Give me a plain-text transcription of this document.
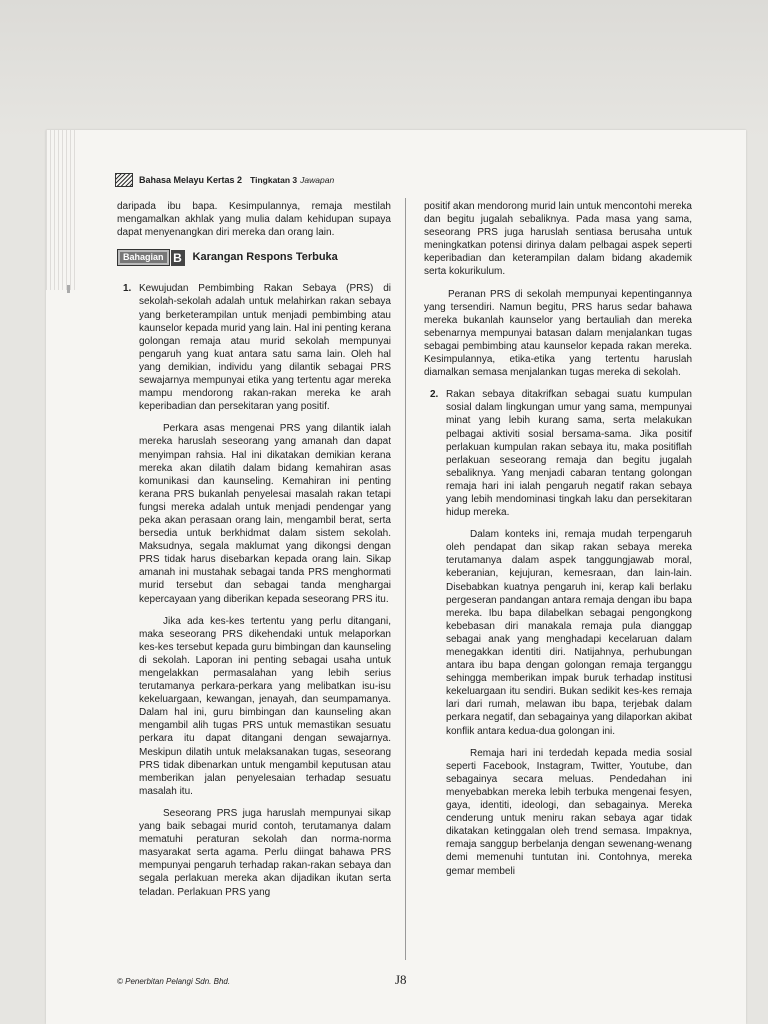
Bahasa Melayu Kertas 2 Tingkatan 3 Jawapan

daripada ibu bapa. Kesimpulannya, remaja mestilah mengamalkan akhlak yang mulia dalam kehidupan supaya dapat menyenangkan diri mereka dan orang lain.

Bahagian B Karangan Respons Terbuka
1. Kewujudan Pembimbing Rakan Sebaya (PRS) di sekolah-sekolah adalah untuk melahirkan rakan sebaya yang berketerampilan untuk menjadi pembimbing atau kaunselor kepada murid yang lain. Hal ini penting kerana golongan remaja atau murid sekolah mempunyai pengaruh yang kuat antara satu sama lain. Oleh hal yang demikian, individu yang dilantik sebagai PRS sewajarnya mempunyai etika yang tertentu agar mereka mampu mendorong rakan-rakan mereka ke arah keperibadian dan persekitaran yang positif.

Perkara asas mengenai PRS yang dilantik ialah mereka haruslah seseorang yang amanah dan dapat menyimpan rahsia. Hal ini dikatakan demikian kerana mereka akan dilatih dalam bidang kemahiran asas komunikasi dan kaunseling. Kemahiran ini penting kerana PRS bukanlah penyelesai masalah rakan tetapi fungsi mereka adalah untuk menjadi pendengar yang peka akan perasaan orang lain, mengambil berat, serta bersedia untuk berkhidmat dalam sistem sekolah. Maksudnya, segala maklumat yang dikongsi dengan PRS tidak harus disebarkan kepada orang lain. Sikap amanah ini mustahak sebagai tanda PRS menghormati murid tersebut dan sebagai tanda menghargai kepercayaan yang diberikan kepada seseorang PRS itu.

Jika ada kes-kes tertentu yang perlu ditangani, maka seseorang PRS dikehendaki untuk melaporkan kes-kes tersebut kepada guru bimbingan dan kaunseling di sekolah. Laporan ini penting sebagai usaha untuk mengelakkan permasalahan yang lebih serius terutamanya perkara-perkara yang melibatkan isu-isu kekeluargaan, kewangan, jenayah, dan seumpamanya. Dalam hal ini, guru bimbingan dan kaunseling akan mengambil alih tugas PRS untuk memastikan sesuatu perkara itu dapat ditangani dengan sewajarnya. Meskipun dilatih untuk melaksanakan tugas, seseorang PRS tidak dibenarkan untuk mengambil keputusan atau memberikan jalan penyelesaian terhadap sesuatu masalah itu.

Seseorang PRS juga haruslah mempunyai sikap yang baik sebagai murid contoh, terutamanya dalam mematuhi peraturan sekolah dan norma-norma masyarakat serta agama. Perlu diingat bahawa PRS mempunyai pengaruh terhadap rakan-rakan sebaya dan segala perlakuan mereka akan dijadikan ikutan serta teladan. Perlakuan PRS yang

positif akan mendorong murid lain untuk mencontohi mereka dan begitu jugalah sebaliknya. Pada masa yang sama, seseorang PRS juga haruslah sentiasa berusaha untuk meningkatkan potensi dirinya dalam pelbagai aspek seperti keperibadian dan keterampilan dalam bidang akademik serta kokurikulum.

Peranan PRS di sekolah mempunyai kepentingannya yang tersendiri. Namun begitu, PRS harus sedar bahawa mereka bukanlah kaunselor yang bertauliah dan mereka sebenarnya mempunyai batasan dalam menjalankan tugas sebagai pembimbing atau kaunselor kepada rakan mereka. Kesimpulannya, etika-etika yang tertentu haruslah diamalkan semasa menjalankan tugas mereka di sekolah.

2. Rakan sebaya ditakrifkan sebagai suatu kumpulan sosial dalam lingkungan umur yang sama, mempunyai minat yang lebih kurang sama, serta melakukan pelbagai aktiviti sosial bersama-sama. Jika positif perlakuan kumpulan rakan sebaya itu, maka positiflah perlakuan seseorang remaja dan begitu jugalah sebaliknya. Yang menjadi cabaran tentang golongan remaja hari ini ialah pengaruh negatif rakan sebaya yang lebih mendominasi tingkah laku dan persekitaran hidup mereka.

Dalam konteks ini, remaja mudah terpengaruh oleh pendapat dan sikap rakan sebaya mereka terutamanya dalam aspek tanggungjawab moral, keberanian, kejujuran, kemesraan, dan lain-lain. Disebabkan kuatnya pengaruh ini, kerap kali berlaku pergeseran pandangan antara remaja dengan ibu bapa mereka. Ibu bapa dilabelkan sebagai pengongkong kebebasan diri manakala remaja pula dianggap sebagai anak yang menghadapi kecelaruan dalam menegakkan identiti diri. Natijahnya, perhubungan antara ibu bapa dengan golongan remaja terganggu sehingga memberikan impak buruk terhadap institusi kekeluargaan itu sendiri. Bukan sedikit kes-kes remaja lari dari rumah, melawan ibu bapa, terjebak dalam perkara negatif, dan sebagainya yang dilaporkan akibat konflik antara kedua-dua golongan ini.

Remaja hari ini terdedah kepada media sosial seperti Facebook, Instagram, Twitter, Youtube, dan sebagainya secara meluas. Pendedahan ini menyebabkan mereka lebih terbuka mengenai fesyen, gaya, identiti, ideologi, dan sebagainya. Mereka cenderung untuk meniru rakan sebaya agar tidak dikatakan ketinggalan oleh trend semasa. Impaknya, remaja sanggup berbelanja dengan sewenang-wenang demi memenuhi tuntutan ini. Contohnya, mereka gemar membeli

© Penerbitan Pelangi Sdn. Bhd.	J8
